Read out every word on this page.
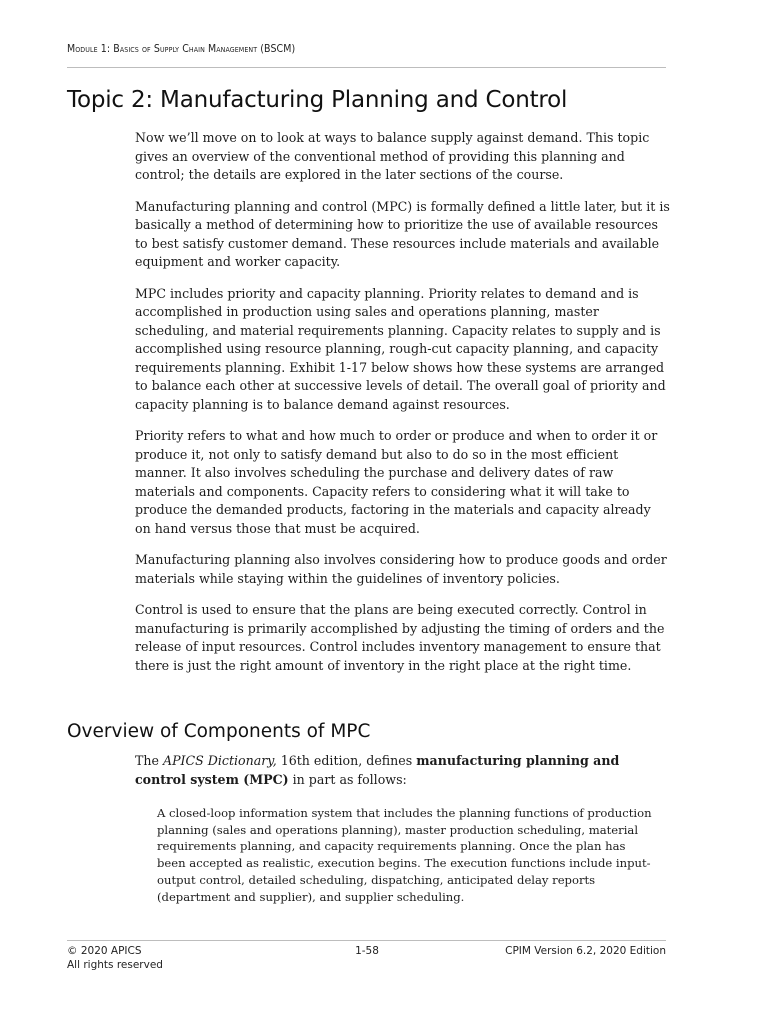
Module 1: Basics of Supply Chain Management (BSCM)
Topic 2: Manufacturing Planning and Control

Now we’ll move on to look at ways to balance supply against demand. This topic gives an overview of the conventional method of providing this planning and control; the details are explored in the later sections of the course.

Manufacturing planning and control (MPC) is formally defined a little later, but it is basically a method of determining how to prioritize the use of available resources to best satisfy customer demand. These resources include materials and available equipment and worker capacity.

MPC includes priority and capacity planning. Priority relates to demand and is accomplished in production using sales and operations planning, master scheduling, and material requirements planning. Capacity relates to supply and is accomplished using resource planning, rough-cut capacity planning, and capacity requirements planning. Exhibit 1-17 below shows how these systems are arranged to balance each other at successive levels of detail. The overall goal of priority and capacity planning is to balance demand against resources.

Priority refers to what and how much to order or produce and when to order it or produce it, not only to satisfy demand but also to do so in the most efficient manner. It also involves scheduling the purchase and delivery dates of raw materials and components. Capacity refers to considering what it will take to produce the demanded products, factoring in the materials and capacity already on hand versus those that must be acquired.

Manufacturing planning also involves considering how to produce goods and order materials while staying within the guidelines of inventory policies.

Control is used to ensure that the plans are being executed correctly. Control in manufacturing is primarily accomplished by adjusting the timing of orders and the release of input resources. Control includes inventory management to ensure that there is just the right amount of inventory in the right place at the right time.

Overview of Components of MPC

The APICS Dictionary, 16th edition, defines manufacturing planning and control system (MPC) in part as follows:

A closed-loop information system that includes the planning functions of production planning (sales and operations planning), master production scheduling, material requirements planning, and capacity requirements planning. Once the plan has been accepted as realistic, execution begins. The execution functions include input-output control, detailed scheduling, dispatching, anticipated delay reports (department and supplier), and supplier scheduling.

© 2020 APICS
All rights reserved
1-58	CPIM Version 6.2, 2020 Edition
